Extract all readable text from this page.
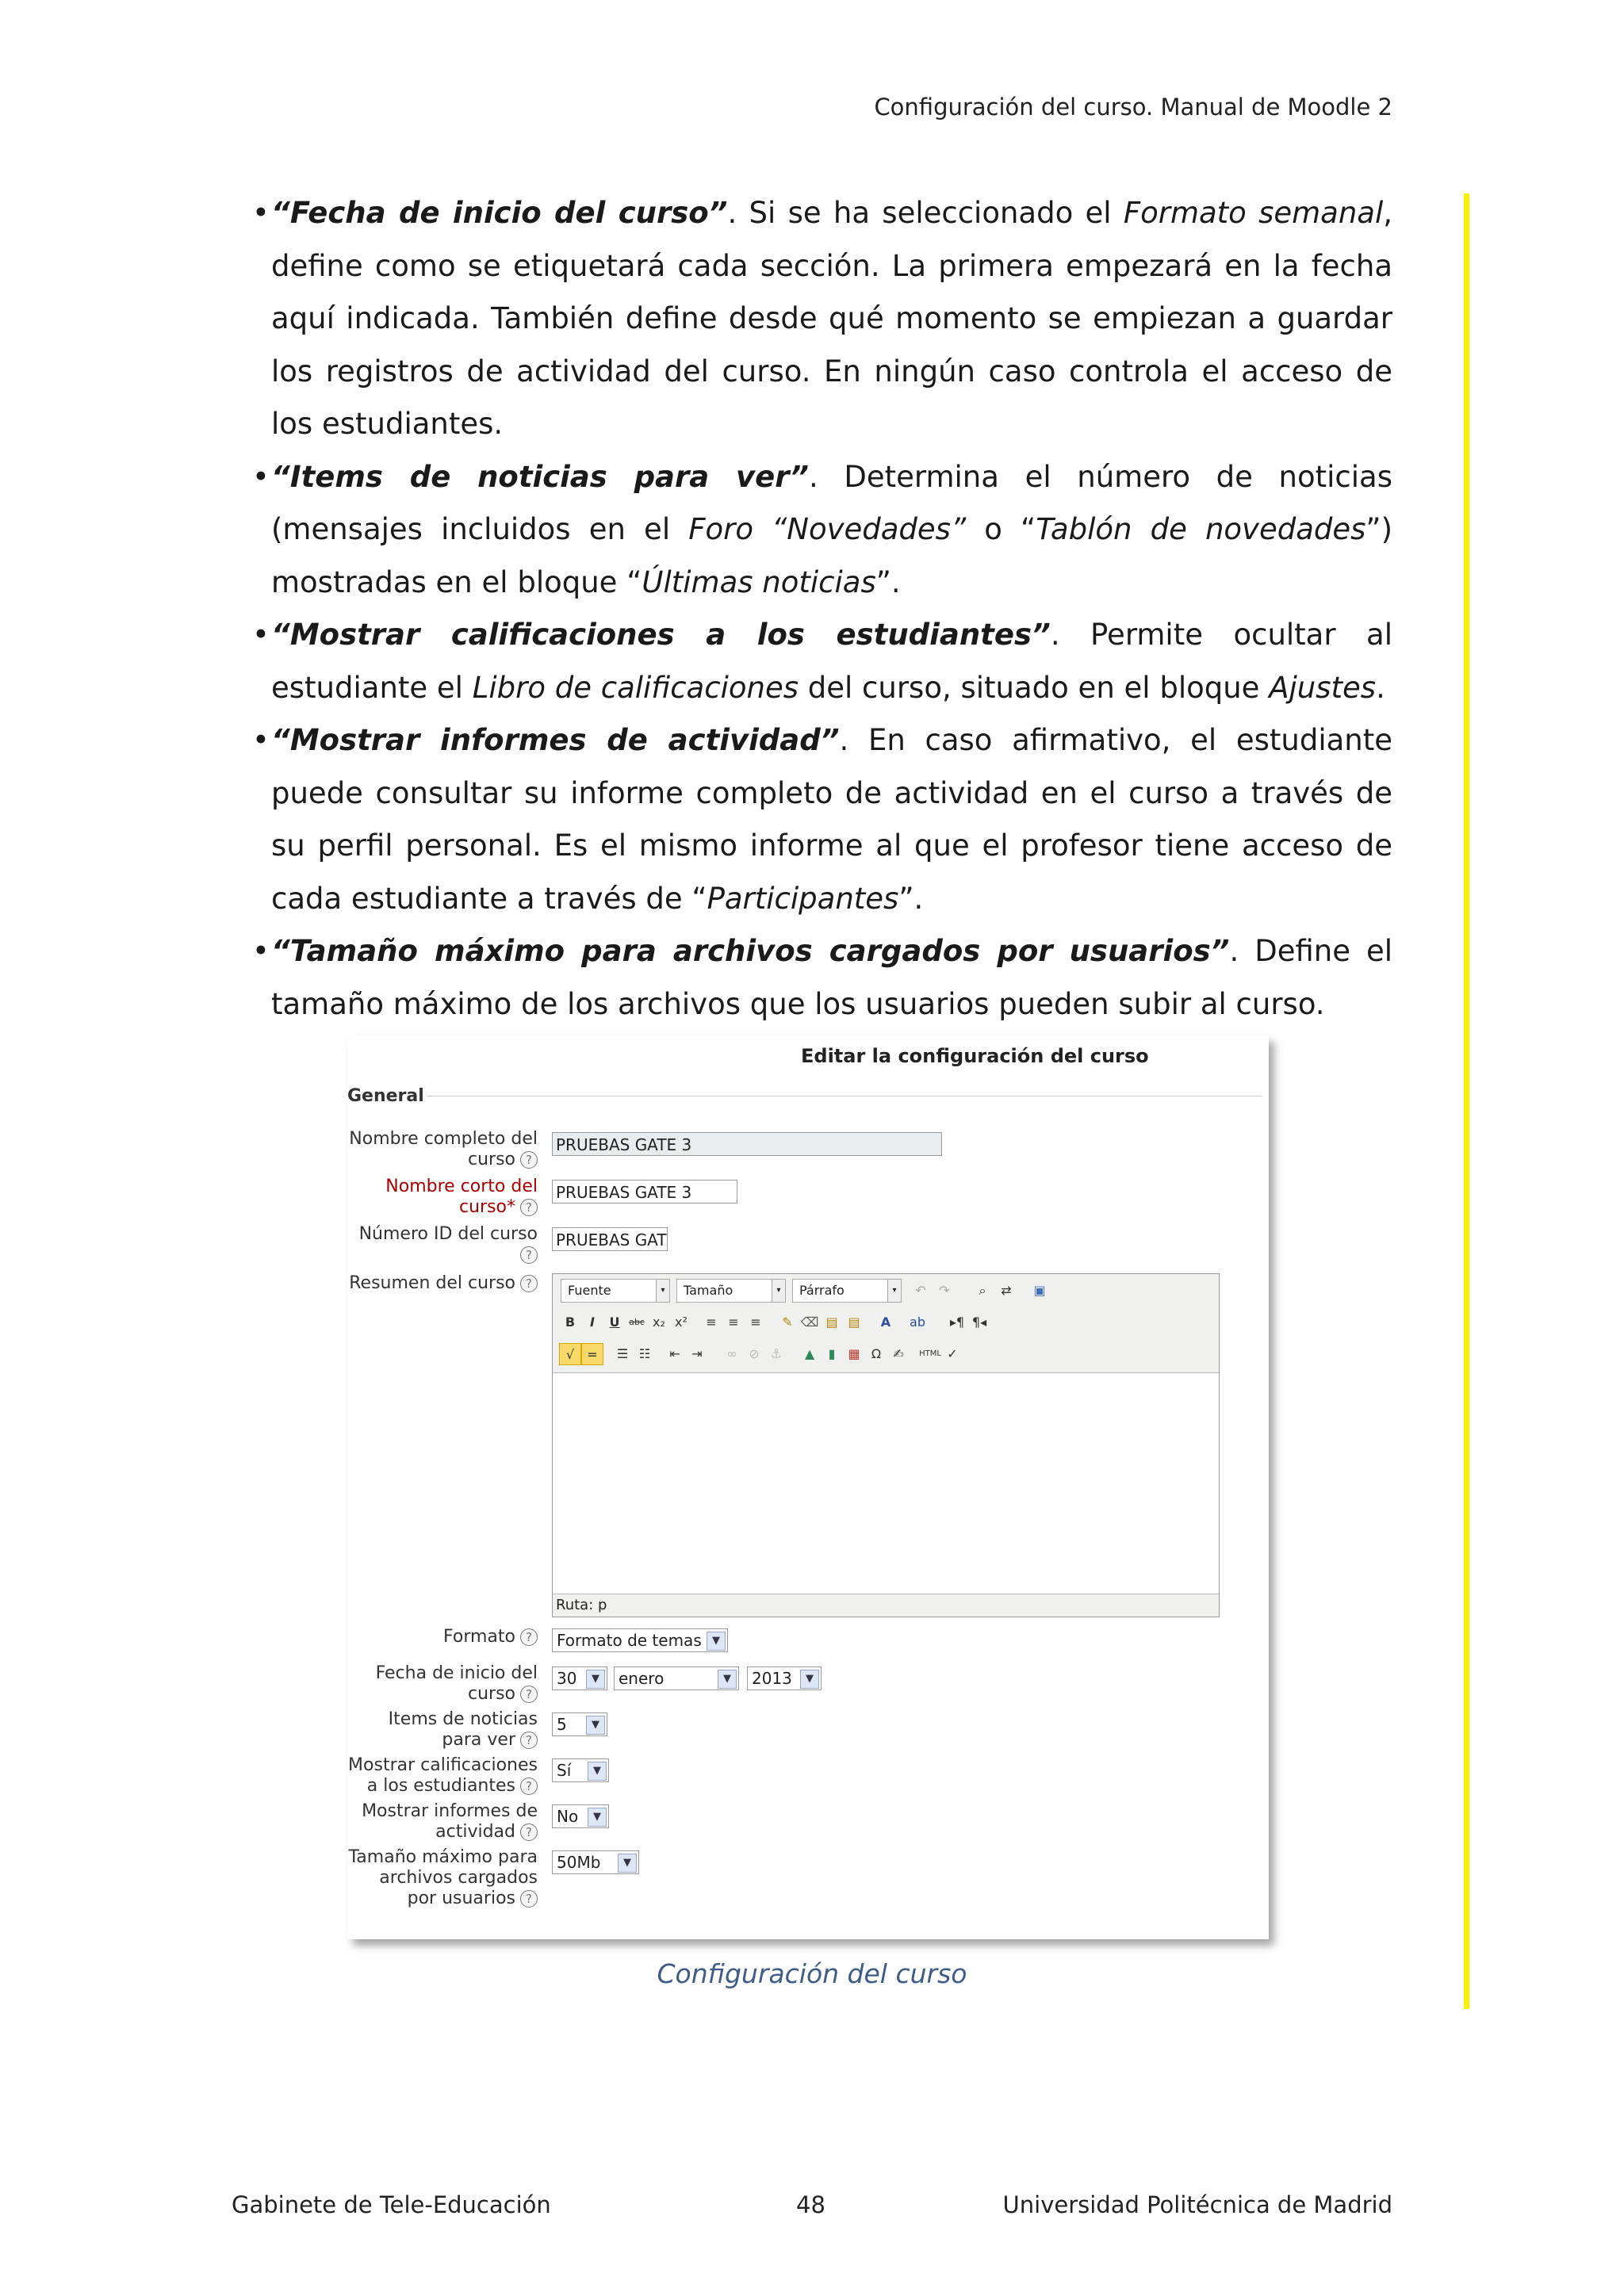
Configuración del curso. Manual de Moodle 2
• “Fecha de inicio del curso”. Si se ha seleccionado el Formato semanal, define como se etiquetará cada sección. La primera empezará en la fecha aquí indicada. También define desde qué momento se empiezan a guardar los registros de actividad del curso. En ningún caso controla el acceso de los estudiantes.
• “Items de noticias para ver”. Determina el número de noticias (mensajes incluidos en el Foro “Novedades” o “Tablón de novedades”) mostradas en el bloque “Últimas noticias”.
• “Mostrar calificaciones a los estudiantes”. Permite ocultar al estudiante el Libro de calificaciones del curso, situado en el bloque Ajustes.
• “Mostrar informes de actividad”. En caso afirmativo, el estudiante puede consultar su informe completo de actividad en el curso a través de su perfil personal. Es el mismo informe al que el profesor tiene acceso de cada estudiante a través de “Participantes”.
• “Tamaño máximo para archivos cargados por usuarios”. Define el tamaño máximo de los archivos que los usuarios pueden subir al curso.
Editar la configuración del curso
General
Nombre completo del curso ?
PRUEBAS GATE 3
Nombre corto del curso* ?
PRUEBAS GATE 3
Número ID del curso?
PRUEBAS GAT
Resumen del curso ?	Fuente	▾	Tamaño	▾	Párrafo	▾	↶	↷	⌕	⇄	▣
B	I	U	abc x₂ x²	≡ ≡ ≡	✎ ⌫ ▤ ▤	A	ab	▸¶ ¶◂
√	=	☰ ☷	⇤ ⇥	∞ ⊘ ⚓	▲	▮	▦ Ω ✍	HTML ✓
Ruta: p
Formato ?	Formato de temas	▼
Fecha de inicio del curso ?
30	▼	enero	▼	2013	▼
Items de noticias para ver ?
5	▼
Mostrar calificaciones a los estudiantes ?
Sí	▼
Mostrar informes de actividad ?
No	▼
Tamaño máximo para archivos cargados por usuarios ?
50Mb	▼
Configuración del curso
Gabinete de Tele-Educación	48	Universidad Politécnica de Madrid
